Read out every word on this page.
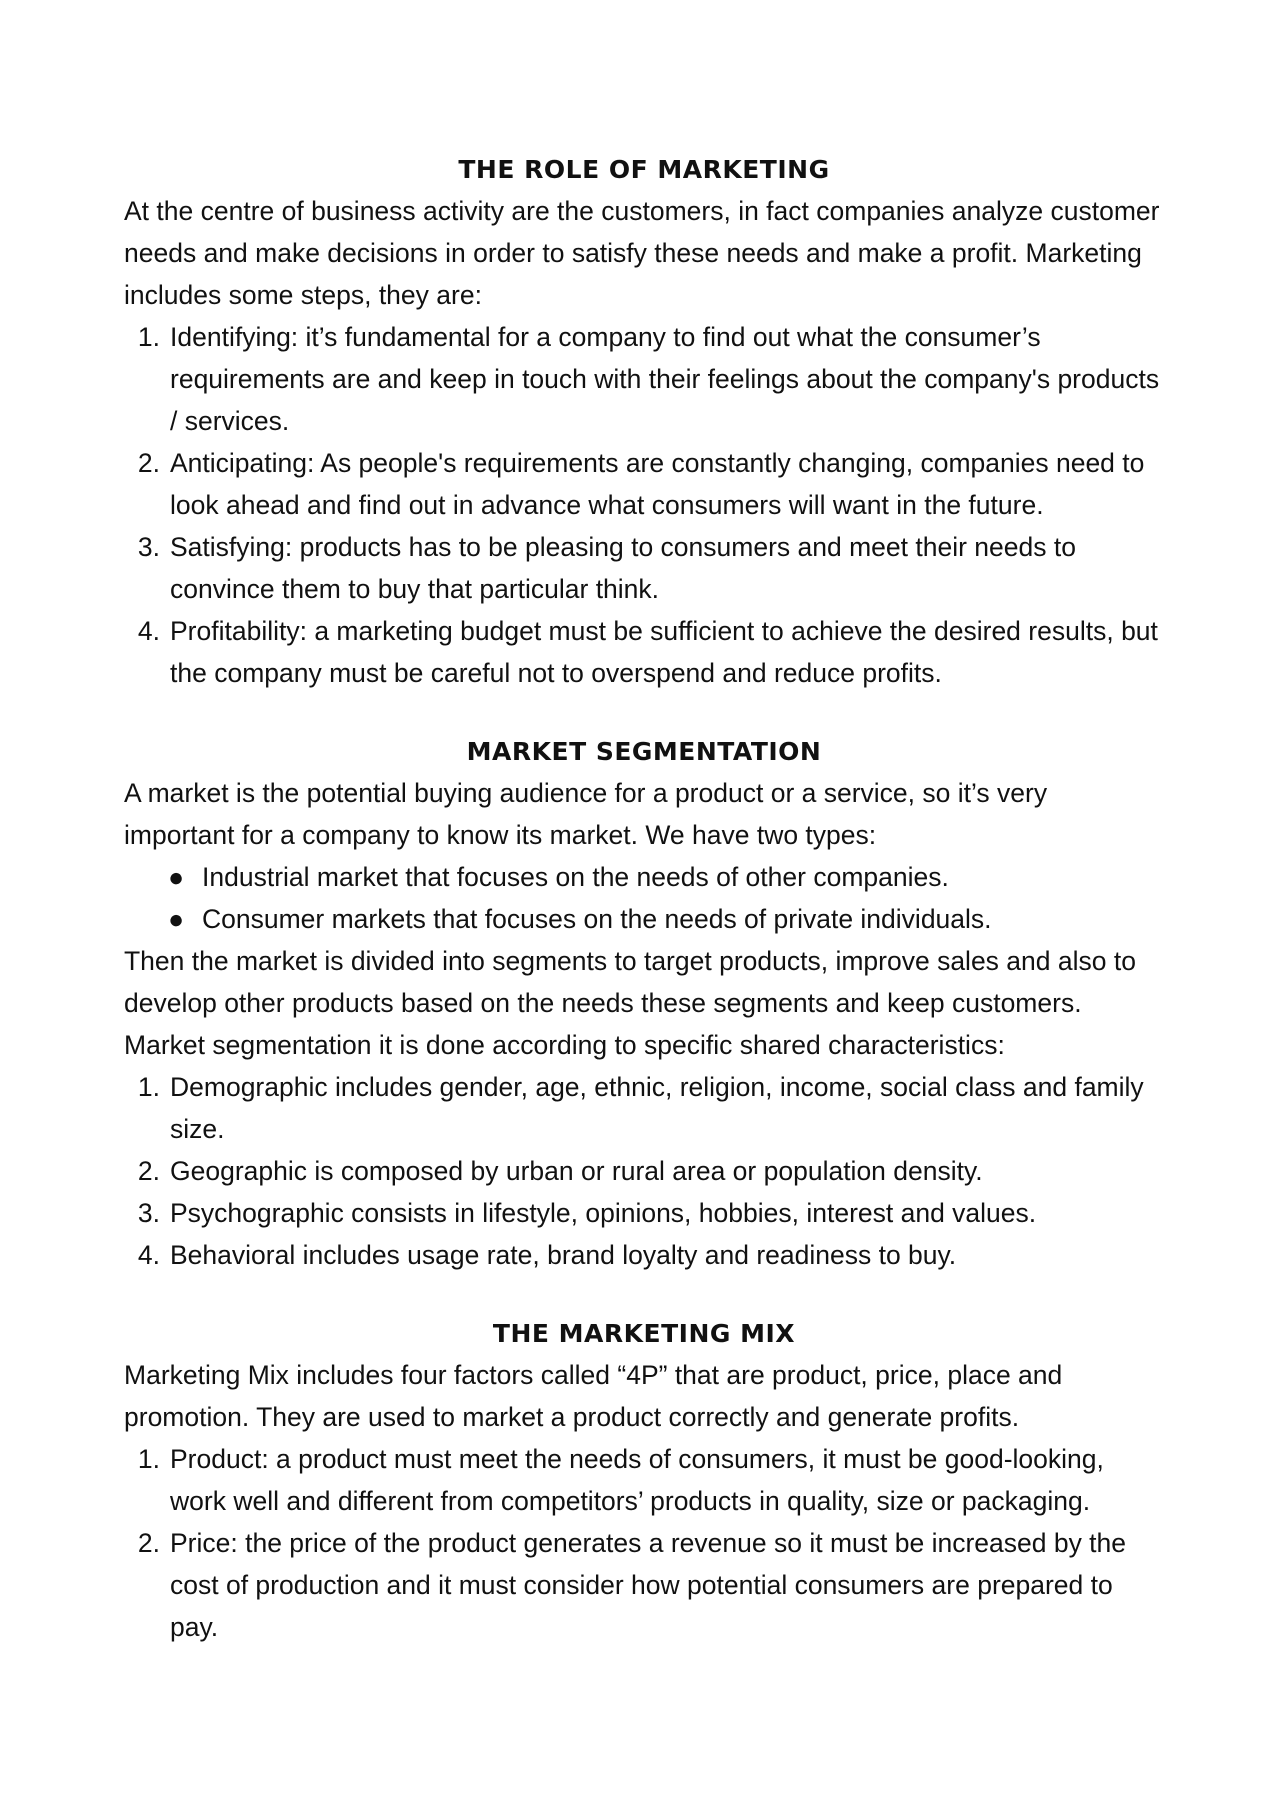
THE ROLE OF MARKETING

At the centre of business activity are the customers, in fact companies analyze customer needs and make decisions in order to satisfy these needs and make a profit. Marketing includes some steps, they are:

1. Identifying: it’s fundamental for a company to find out what the consumer’s requirements are and keep in touch with their feelings about the company's products / services.
2. Anticipating: As people's requirements are constantly changing, companies need to look ahead and find out in advance what consumers will want in the future.
3. Satisfying: products has to be pleasing to consumers and meet their needs to convince them to buy that particular think.
4. Profitability: a marketing budget must be sufficient to achieve the desired results, but the company must be careful not to overspend and reduce profits.
MARKET SEGMENTATION

A market is the potential buying audience for a product or a service, so it’s very important for a company to know its market. We have two types:

● Industrial market that focuses on the needs of other companies.
● Consumer markets that focuses on the needs of private individuals.

Then the market is divided into segments to target products, improve sales and also to develop other products based on the needs these segments and keep customers. Market segmentation it is done according to specific shared characteristics:

1. Demographic includes gender, age, ethnic, religion, income, social class and family size.
2. Geographic is composed by urban or rural area or population density.
3. Psychographic consists in lifestyle, opinions, hobbies, interest and values.
4. Behavioral includes usage rate, brand loyalty and readiness to buy.
THE MARKETING MIX

Marketing Mix includes four factors called “4P” that are product, price, place and promotion. They are used to market a product correctly and generate profits.

1. Product: a product must meet the needs of consumers, it must be good-looking, work well and different from competitors’ products in quality, size or packaging.
2. Price: the price of the product generates a revenue so it must be increased by the cost of production and it must consider how potential consumers are prepared to pay.
